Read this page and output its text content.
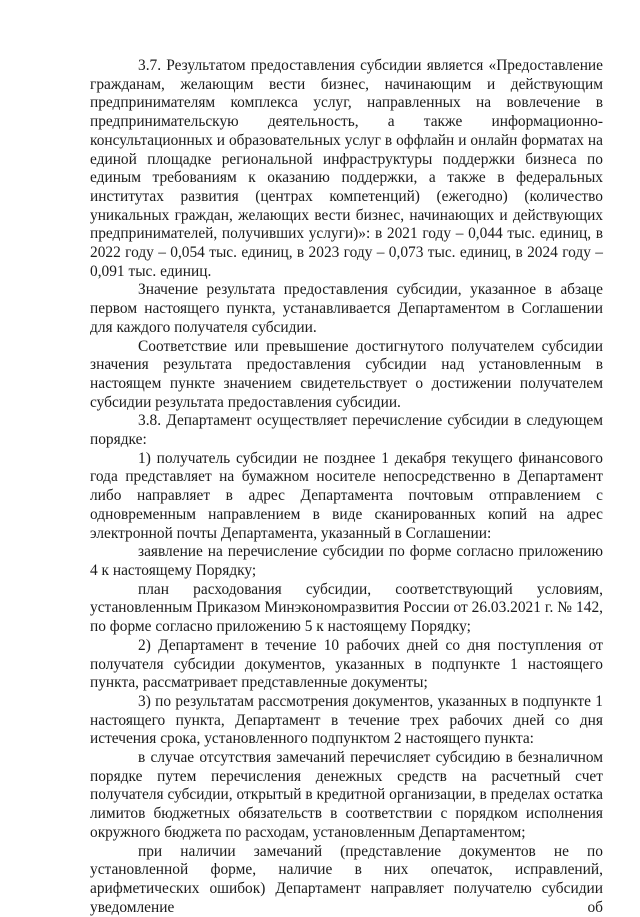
3.7. Результатом предоставления субсидии является «Предоставление гражданам, желающим вести бизнес, начинающим и действующим предпринимателям комплекса услуг, направленных на вовлечение в предпринимательскую деятельность, а также информационно-консультационных и образовательных услуг в оффлайн и онлайн форматах на единой площадке региональной инфраструктуры поддержки бизнеса по единым требованиям к оказанию поддержки, а также в федеральных институтах развития (центрах компетенций) (ежегодно) (количество уникальных граждан, желающих вести бизнес, начинающих и действующих предпринимателей, получивших услуги)»: в 2021 году – 0,044 тыс. единиц, в 2022 году – 0,054 тыс. единиц, в 2023 году – 0,073 тыс. единиц, в 2024 году – 0,091 тыс. единиц.

Значение результата предоставления субсидии, указанное в абзаце первом настоящего пункта, устанавливается Департаментом в Соглашении для каждого получателя субсидии.

Соответствие или превышение достигнутого получателем субсидии значения результата предоставления субсидии над установленным в настоящем пункте значением свидетельствует о достижении получателем субсидии результата предоставления субсидии.

3.8. Департамент осуществляет перечисление субсидии в следующем порядке:

1) получатель субсидии не позднее 1 декабря текущего финансового года представляет на бумажном носителе непосредственно в Департамент либо направляет в адрес Департамента почтовым отправлением с одновременным направлением в виде сканированных копий на адрес электронной почты Департамента, указанный в Соглашении:

заявление на перечисление субсидии по форме согласно приложению 4 к настоящему Порядку;

план расходования субсидии, соответствующий условиям, установленным Приказом Минэкономразвития России от 26.03.2021 г. № 142, по форме согласно приложению 5 к настоящему Порядку;

2) Департамент в течение 10 рабочих дней со дня поступления от получателя субсидии документов, указанных в подпункте 1 настоящего пункта, рассматривает представленные документы;

3) по результатам рассмотрения документов, указанных в подпункте 1 настоящего пункта, Департамент в течение трех рабочих дней со дня истечения срока, установленного подпунктом 2 настоящего пункта:

в случае отсутствия замечаний перечисляет субсидию в безналичном порядке путем перечисления денежных средств на расчетный счет получателя субсидии, открытый в кредитной организации, в пределах остатка лимитов бюджетных обязательств в соответствии с порядком исполнения окружного бюджета по расходам, установленным Департаментом;

при наличии замечаний (представление документов не по установленной форме, наличие в них опечаток, исправлений, арифметических ошибок) Департамент направляет получателю субсидии уведомление об
